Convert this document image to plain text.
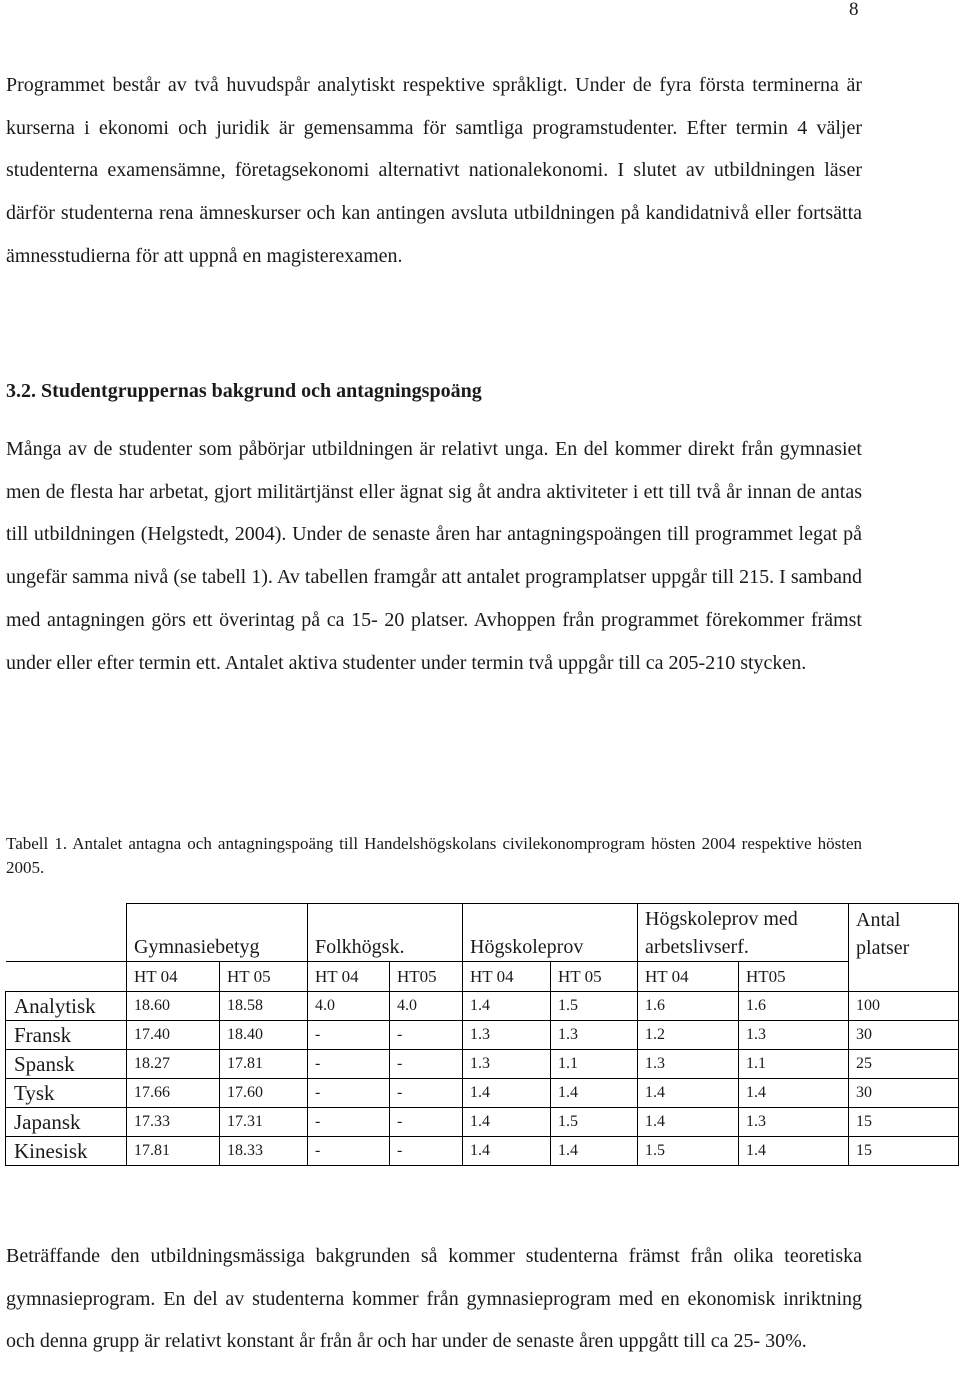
8

Programmet består av två huvudspår analytiskt respektive språkligt. Under de fyra första terminerna är kurserna i ekonomi och juridik är gemensamma för samtliga programstudenter. Efter termin 4 väljer studenterna examensämne, företagsekonomi alternativt nationalekonomi. I slutet av utbildningen läser därför studenterna rena ämneskurser och kan antingen avsluta utbildningen på kandidatnivå eller fortsätta ämnesstudierna för att uppnå en magisterexamen.

3.2. Studentgruppernas bakgrund och antagningspoäng

Många av de studenter som påbörjar utbildningen är relativt unga. En del kommer direkt från gymnasiet men de flesta har arbetat, gjort militärtjänst eller ägnat sig åt andra aktiviteter i ett till två år innan de antas till utbildningen (Helgstedt, 2004). Under de senaste åren har antagningspoängen till programmet legat på ungefär samma nivå (se tabell 1). Av tabellen framgår att antalet programplatser uppgår till 215. I samband med antagningen görs ett överintag på ca 15- 20 platser. Avhoppen från programmet förekommer främst under eller efter termin ett. Antalet aktiva studenter under termin två uppgår till ca 205-210 stycken.

Tabell 1. Antalet antagna och antagningspoäng till Handelshögskolans civilekonomprogram hösten 2004 respektive hösten 2005.

	Gymnasiebetyg		Folkhögsk.		Högskoleprov		Högskoleprov med arbetslivserf.		Antal platser
	HT 04	HT 05	HT 04	HT05	HT 04	HT 05	HT 04	HT05	
Analytisk	18.60	18.58	4.0	4.0	1.4	1.5	1.6	1.6	100
Fransk	17.40	18.40	-	-	1.3	1.3	1.2	1.3	30
Spansk	18.27	17.81	-	-	1.3	1.1	1.3	1.1	25
Tysk	17.66	17.60	-	-	1.4	1.4	1.4	1.4	30
Japansk	17.33	17.31	-	-	1.4	1.5	1.4	1.3	15
Kinesisk	17.81	18.33	-	-	1.4	1.4	1.5	1.4	15

Beträffande den utbildningsmässiga bakgrunden så kommer studenterna främst från olika teoretiska gymnasieprogram. En del av studenterna kommer från gymnasieprogram med en ekonomisk inriktning och denna grupp är relativt konstant år från år och har under de senaste åren uppgått till ca 25- 30%.
